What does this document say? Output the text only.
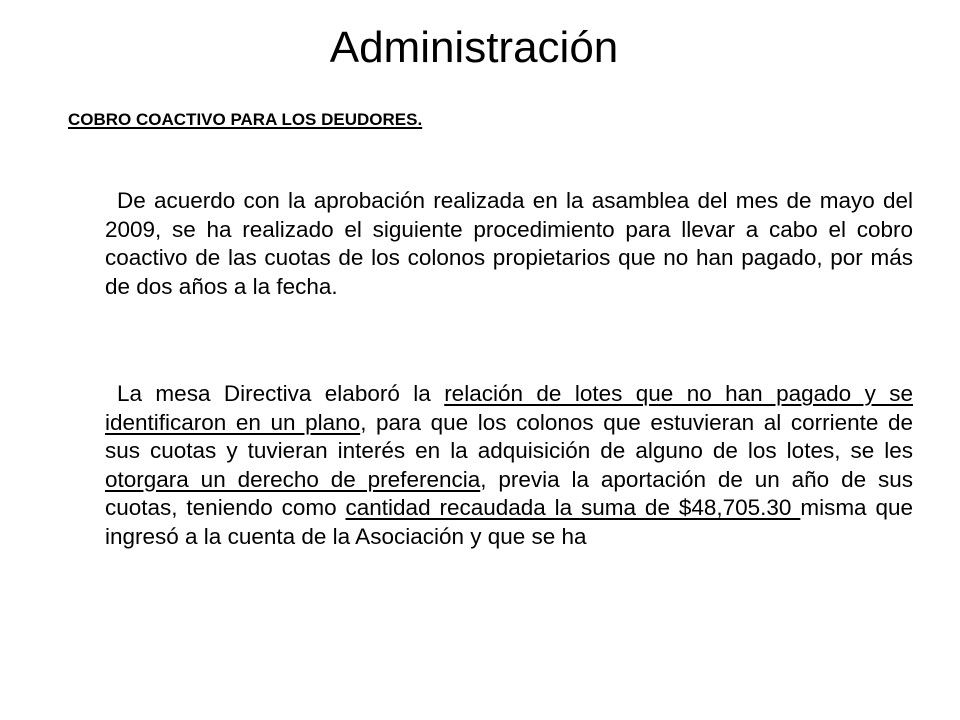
Administración
COBRO COACTIVO PARA LOS DEUDORES.

De acuerdo con la aprobación realizada en la asamblea del mes de mayo del 2009, se ha realizado el siguiente procedimiento para llevar a cabo el cobro coactivo de las cuotas de los colonos propietarios que no han pagado, por más de dos años a la fecha.

La mesa Directiva elaboró la relación de lotes que no han pagado y se identificaron en un plano, para que los colonos que estuvieran al corriente de sus cuotas y tuvieran interés en la adquisición de alguno de los lotes, se les otorgara un derecho de preferencia, previa la aportación de un año de sus cuotas, teniendo como cantidad recaudada la suma de $48,705.30 misma que ingresó a la cuenta de la Asociación y que se ha
